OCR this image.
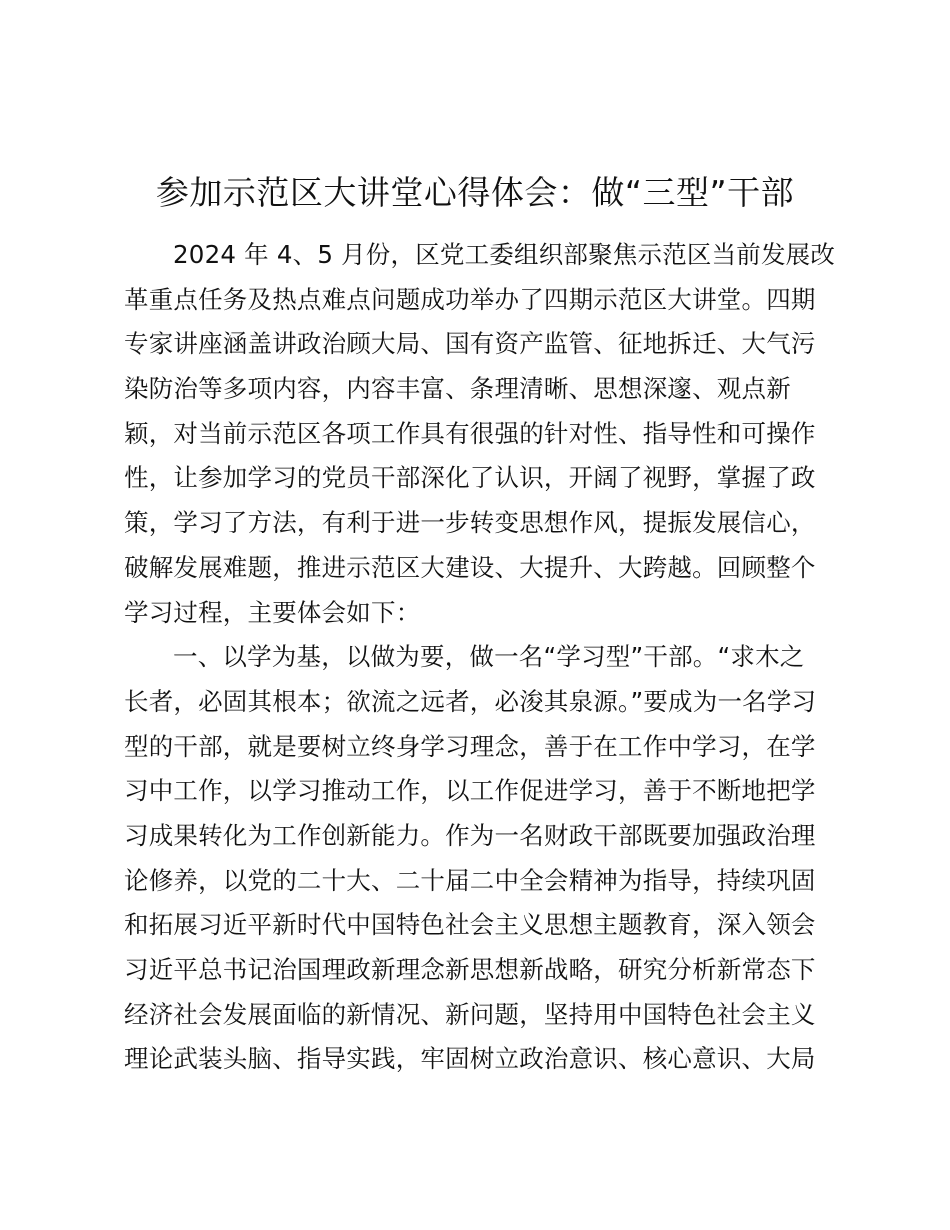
参加示范区大讲堂心得体会：做“三型”干部
2024 年 4、5 月份，区党工委组织部聚焦示范区当前发展改
革重点任务及热点难点问题成功举办了四期示范区大讲堂。四期
专家讲座涵盖讲政治顾大局、国有资产监管、征地拆迁、大气污
染防治等多项内容，内容丰富、条理清晰、思想深邃、观点新
颖，对当前示范区各项工作具有很强的针对性、指导性和可操作
性，让参加学习的党员干部深化了认识，开阔了视野，掌握了政
策，学习了方法，有利于进一步转变思想作风，提振发展信心，
破解发展难题，推进示范区大建设、大提升、大跨越。回顾整个
学习过程，主要体会如下：
一、以学为基，以做为要，做一名“学习型”干部。“求木之
长者，必固其根本；欲流之远者，必浚其泉源。”要成为一名学习
型的干部，就是要树立终身学习理念，善于在工作中学习，在学
习中工作，以学习推动工作，以工作促进学习，善于不断地把学
习成果转化为工作创新能力。作为一名财政干部既要加强政治理
论修养，以党的二十大、二十届二中全会精神为指导，持续巩固
和拓展习近平新时代中国特色社会主义思想主题教育，深入领会
习近平总书记治国理政新理念新思想新战略，研究分析新常态下
经济社会发展面临的新情况、新问题，坚持用中国特色社会主义
理论武装头脑、指导实践，牢固树立政治意识、核心意识、大局
